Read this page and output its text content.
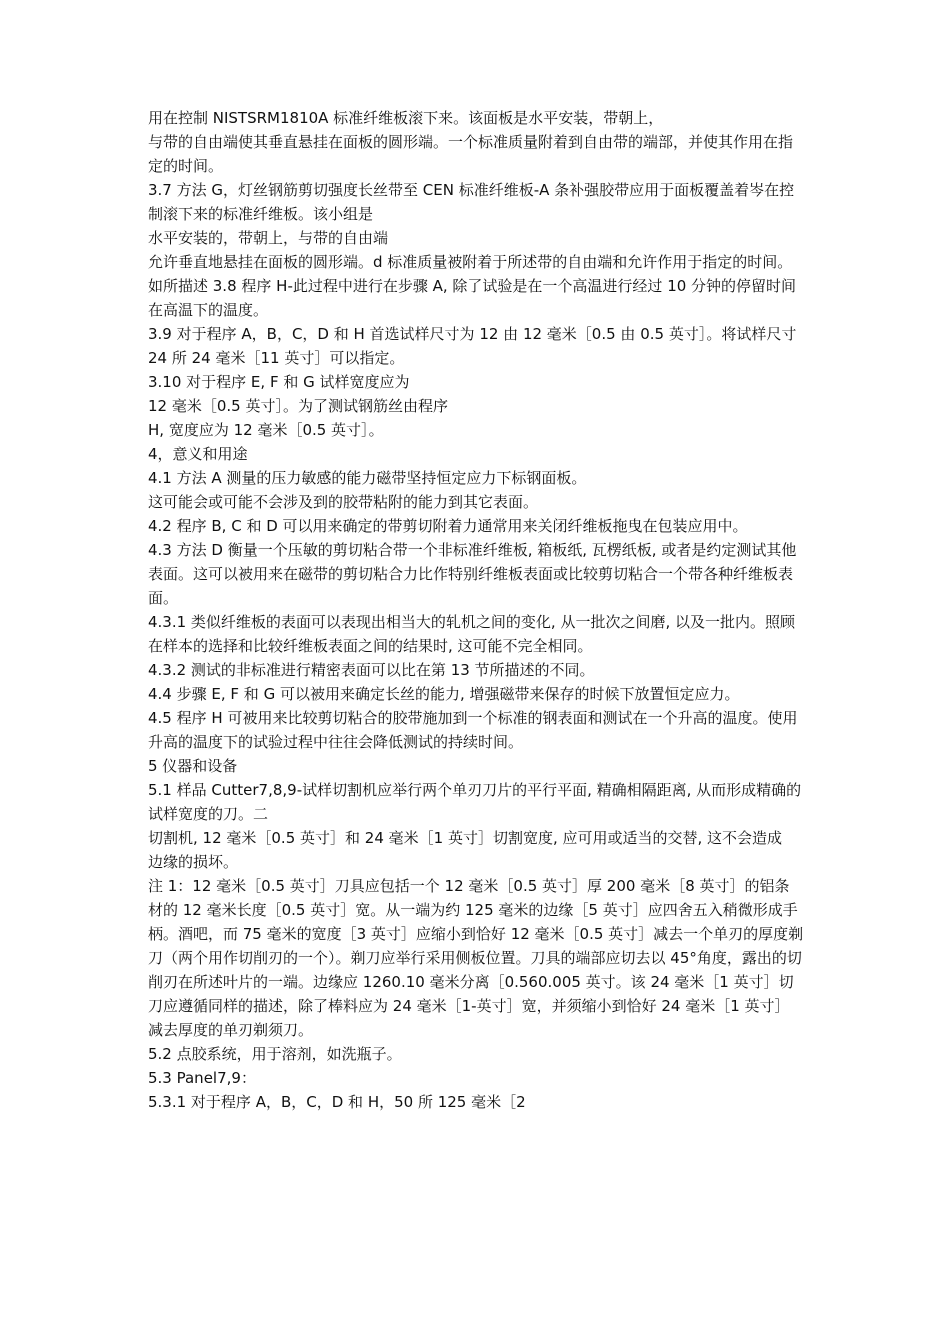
用在控制 NISTSRM1810A 标准纤维板滚下来。该面板是水平安装，带朝上，

与带的自由端使其垂直悬挂在面板的圆形端。一个标准质量附着到自由带的端部，并使其作用在指定的时间。

3.7 方法 G，灯丝钢筋剪切强度长丝带至 CEN 标准纤维板-A 条补强胶带应用于面板覆盖着岑在控制滚下来的标准纤维板。该小组是

水平安装的，带朝上，与带的自由端

允许垂直地悬挂在面板的圆形端。d 标准质量被附着于所述带的自由端和允许作用于指定的时间。

如所描述 3.8 程序 H-此过程中进行在步骤 A, 除了试验是在一个高温进行经过 10 分钟的停留时间在高温下的温度。

3.9 对于程序 A，B，C，D 和 H 首选试样尺寸为 12 由 12 毫米［0.5 由 0.5 英寸］。将试样尺寸 24 所 24 毫米［11 英寸］可以指定。

3.10 对于程序 E, F 和 G 试样宽度应为

12 毫米［0.5 英寸］。为了测试钢筋丝由程序

H, 宽度应为 12 毫米［0.5 英寸］。

4，意义和用途

4.1 方法 A 测量的压力敏感的能力磁带坚持恒定应力下标钢面板。

这可能会或可能不会涉及到的胶带粘附的能力到其它表面。

4.2 程序 B, C 和 D 可以用来确定的带剪切附着力通常用来关闭纤维板拖曳在包装应用中。

4.3 方法 D 衡量一个压敏的剪切粘合带一个非标准纤维板, 箱板纸, 瓦楞纸板, 或者是约定测试其他表面。这可以被用来在磁带的剪切粘合力比作特别纤维板表面或比较剪切粘合一个带各种纤维板表面。

4.3.1 类似纤维板的表面可以表现出相当大的轧机之间的变化, 从一批次之间磨, 以及一批内。照顾在样本的选择和比较纤维板表面之间的结果时, 这可能不完全相同。

4.3.2 测试的非标准进行精密表面可以比在第 13 节所描述的不同。

4.4 步骤 E, F 和 G 可以被用来确定长丝的能力, 增强磁带来保存的时候下放置恒定应力。

4.5 程序 H 可被用来比较剪切粘合的胶带施加到一个标准的钢表面和测试在一个升高的温度。使用升高的温度下的试验过程中往往会降低测试的持续时间。

5 仪器和设备

5.1 样品 Cutter7,8,9-试样切割机应举行两个单刃刀片的平行平面, 精确相隔距离, 从而形成精确的试样宽度的刀。二

切割机, 12 毫米［0.5 英寸］和 24 毫米［1 英寸］切割宽度, 应可用或适当的交替, 这不会造成

边缘的损坏。

注 1：12 毫米［0.5 英寸］刀具应包括一个 12 毫米［0.5 英寸］厚 200 毫米［8 英寸］的铝条材的 12 毫米长度［0.5 英寸］宽。从一端为约 125 毫米的边缘［5 英寸］应四舍五入稍微形成手柄。酒吧，而 75 毫米的宽度［3 英寸］应缩小到恰好 12 毫米［0.5 英寸］减去一个单刃的厚度剃刀（两个用作切削刃的一个）。剃刀应举行采用侧板位置。刀具的端部应切去以 45°角度，露出的切削刃在所述叶片的一端。边缘应 1260.10 毫米分离［0.560.005 英寸。该 24 毫米［1 英寸］切刀应遵循同样的描述，除了棒料应为 24 毫米［1-英寸］宽，并须缩小到恰好 24 毫米［1 英寸］减去厚度的单刃剃须刀。

5.2 点胶系统，用于溶剂，如洗瓶子。

5.3 Panel7,9：

5.3.1 对于程序 A，B，C，D 和 H，50 所 125 毫米［2
